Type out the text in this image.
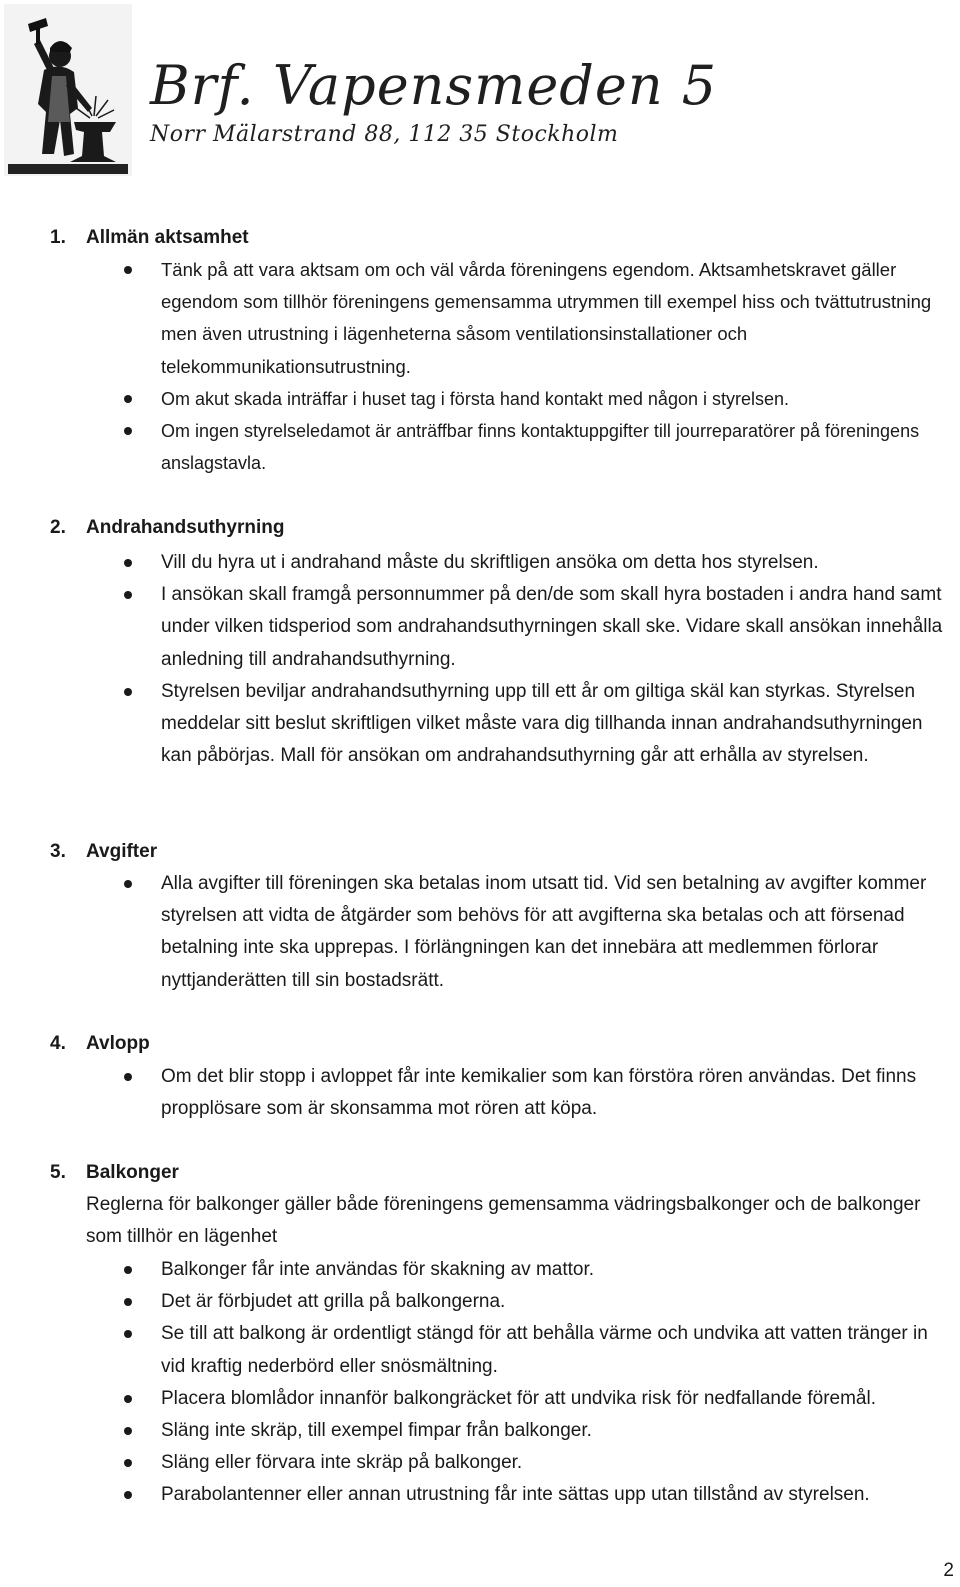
Brf. Vapensmeden 5
Norr Mälarstrand 88, 112 35 Stockholm
1. Allmän aktsamhet
Tänk på att vara aktsam om och väl vårda föreningens egendom. Aktsamhetskravet gäller egendom som tillhör föreningens gemensamma utrymmen till exempel hiss och tvättutrustning men även utrustning i lägenheterna såsom ventilationsinstallationer och telekommunikationsutrustning.
Om akut skada inträffar i huset tag i första hand kontakt med någon i styrelsen.
Om ingen styrelseledamot är anträffbar finns kontaktuppgifter till jourreparatörer på föreningens anslagstavla.
2. Andrahandsuthyrning
Vill du hyra ut i andrahand måste du skriftligen ansöka om detta hos styrelsen.
I ansökan skall framgå personnummer på den/de som skall hyra bostaden i andra hand samt under vilken tidsperiod som andrahandsuthyrningen skall ske. Vidare skall ansökan innehålla anledning till andrahandsuthyrning.
Styrelsen beviljar andrahandsuthyrning upp till ett år om giltiga skäl kan styrkas. Styrelsen meddelar sitt beslut skriftligen vilket måste vara dig tillhanda innan andrahandsuthyrningen kan påbörjas. Mall för ansökan om andrahandsuthyrning går att erhålla av styrelsen.
3. Avgifter
Alla avgifter till föreningen ska betalas inom utsatt tid. Vid sen betalning av avgifter kommer styrelsen att vidta de åtgärder som behövs för att avgifterna ska betalas och att försenad betalning inte ska upprepas. I förlängningen kan det innebära att medlemmen förlorar nyttjanderätten till sin bostadsrätt.
4. Avlopp
Om det blir stopp i avloppet får inte kemikalier som kan förstöra rören användas. Det finns propplösare som är skonsamma mot rören att köpa.
5. Balkonger

Reglerna för balkonger gäller både föreningens gemensamma vädringsbalkonger och de balkonger som tillhör en lägenhet

Balkonger får inte användas för skakning av mattor.
Det är förbjudet att grilla på balkongerna.
Se till att balkong är ordentligt stängd för att behålla värme och undvika att vatten tränger in vid kraftig nederbörd eller snösmältning.
Placera blomlådor innanför balkongräcket för att undvika risk för nedfallande föremål.
Släng inte skräp, till exempel fimpar från balkonger.
Släng eller förvara inte skräp på balkonger.
Parabolantenner eller annan utrustning får inte sättas upp utan tillstånd av styrelsen.
2
